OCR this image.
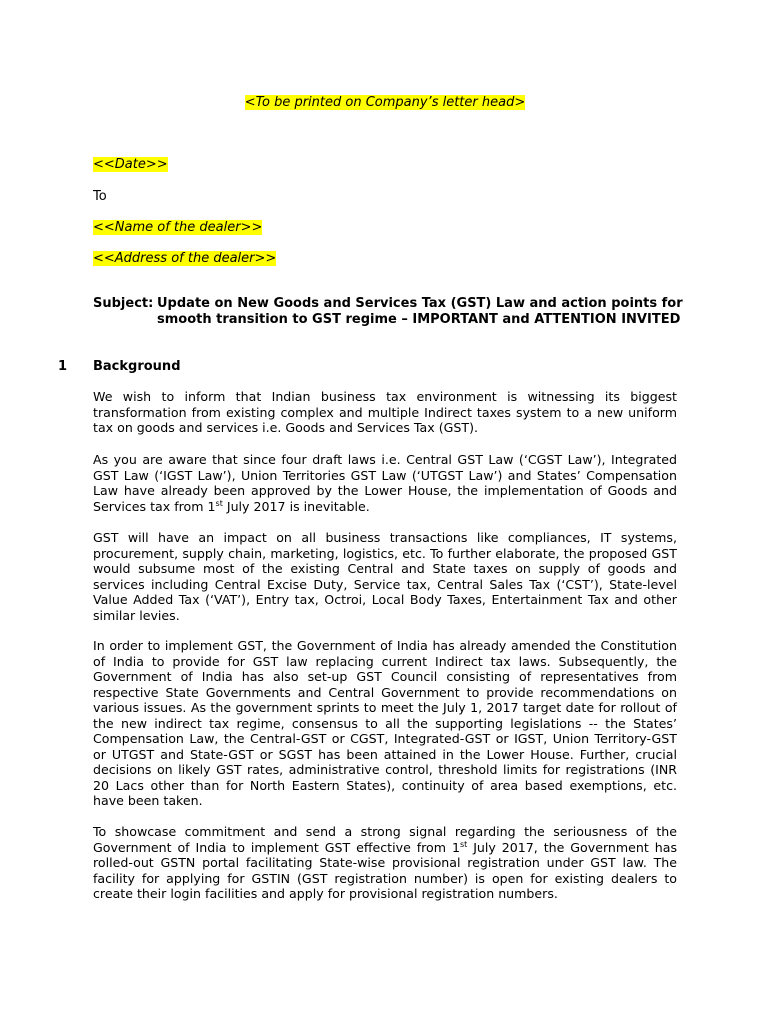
<To be printed on Company’s letter head>
<<Date>>
To
<<Name of the dealer>>
<<Address of the dealer>>
Subject: Update on New Goods and Services Tax (GST) Law and action points for
smooth transition to GST regime – IMPORTANT and ATTENTION INVITED
1 Background
We wish to inform that Indian business tax environment is witnessing its biggest transformation from existing complex and multiple Indirect taxes system to a new uniform tax on goods and services i.e. Goods and Services Tax (GST).
As you are aware that since four draft laws i.e. Central GST Law (‘CGST Law’), Integrated GST Law (‘IGST Law’), Union Territories GST Law (‘UTGST Law’) and States’ Compensation Law have already been approved by the Lower House, the implementation of Goods and Services tax from 1st July 2017 is inevitable.
GST will have an impact on all business transactions like compliances, IT systems, procurement, supply chain, marketing, logistics, etc. To further elaborate, the proposed GST would subsume most of the existing Central and State taxes on supply of goods and services including Central Excise Duty, Service tax, Central Sales Tax (‘CST’), State-level Value Added Tax (‘VAT’), Entry tax, Octroi, Local Body Taxes, Entertainment Tax and other similar levies.
In order to implement GST, the Government of India has already amended the Constitution of India to provide for GST law replacing current Indirect tax laws. Subsequently, the Government of India has also set-up GST Council consisting of representatives from respective State Governments and Central Government to provide recommendations on various issues. As the government sprints to meet the July 1, 2017 target date for rollout of the new indirect tax regime, consensus to all the supporting legislations -- the States’ Compensation Law, the Central-GST or CGST, Integrated-GST or IGST, Union Territory-GST or UTGST and State-GST or SGST has been attained in the Lower House. Further, crucial decisions on likely GST rates, administrative control, threshold limits for registrations (INR 20 Lacs other than for North Eastern States), continuity of area based exemptions, etc. have been taken.
To showcase commitment and send a strong signal regarding the seriousness of the Government of India to implement GST effective from 1st July 2017, the Government has rolled-out GSTN portal facilitating State-wise provisional registration under GST law. The facility for applying for GSTIN (GST registration number) is open for existing dealers to create their login facilities and apply for provisional registration numbers.
